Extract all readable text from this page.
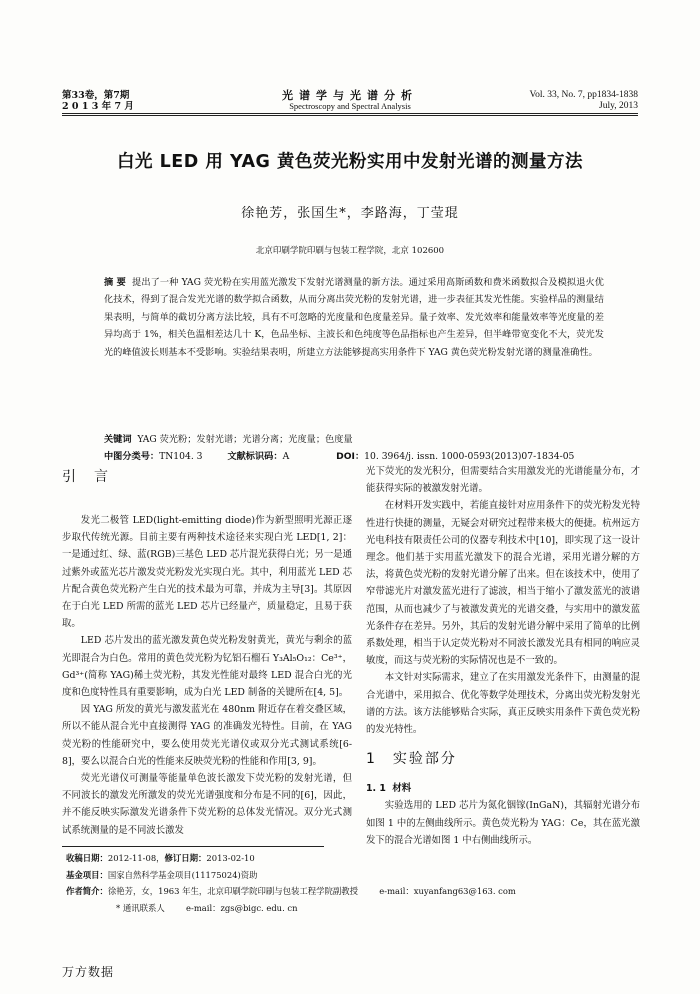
第33卷，第7期
2 0 1 3 年 7 月
光谱学与光谱分析
Spectroscopy and Spectral Analysis
Vol. 33, No. 7, pp1834-1838
July, 2013
白光 LED 用 YAG 黄色荧光粉实用中发射光谱的测量方法
徐艳芳，张国生*，李路海，丁莹琨
北京印刷学院印刷与包装工程学院，北京 102600
摘 要 提出了一种 YAG 荧光粉在实用蓝光激发下发射光谱测量的新方法。通过采用高斯函数和费米函数拟合及模拟退火优化技术，得到了混合发光光谱的数学拟合函数，从而分离出荧光粉的发射光谱，进一步表征其发光性能。实验样品的测量结果表明，与简单的截切分离方法比较，具有不可忽略的光度量和色度量差异。量子效率、发光效率和能量效率等光度量的差异均高于 1%，相关色温相差达几十 K，色品坐标、主波长和色纯度等色品指标也产生差异，但半峰带宽变化不大，荧光发光的峰值波长则基本不受影响。实验结果表明，所建立方法能够提高实用条件下 YAG 黄色荧光粉发射光谱的测量准确性。
关键词 YAG 荧光粉；发射光谱；光谱分离；光度量；色度量
中图分类号：TN104. 3	文献标识码：A	DOI：10. 3964/j. issn. 1000-0593(2013)07-1834-05
引 言

发光二极管 LED(light-emitting diode)作为新型照明光源正逐步取代传统光源。目前主要有两种技术途径来实现白光 LED[1, 2]：一是通过红、绿、蓝(RGB)三基色 LED 芯片混光获得白光；另一是通过紫外或蓝光芯片激发荧光粉发光实现白光。其中，利用蓝光 LED 芯片配合黄色荧光粉产生白光的技术最为可靠，并成为主导[3]。其原因在于白光 LED 所需的蓝光 LED 芯片已经量产，质量稳定，且易于获取。

LED 芯片发出的蓝光激发黄色荧光粉发射黄光，黄光与剩余的蓝光即混合为白色。常用的黄色荧光粉为钇铝石榴石 Y₃Al₅O₁₂：Ce³⁺，Gd³⁺(简称 YAG)稀土荧光粉，其发光性能对最终 LED 混合白光的光度和色度特性具有重要影响，成为白光 LED 制备的关键所在[4, 5]。

因 YAG 所发的黄光与激发蓝光在 480nm 附近存在着交叠区域，所以不能从混合光中直接测得 YAG 的准确发光特性。目前，在 YAG 荧光粉的性能研究中，要么使用荧光光谱仪或双分光式测试系统[6-8]，要么以混合白光的性能来反映荧光粉的性能和作用[3, 9]。

荧光光谱仪可测量等能量单色波长激发下荧光粉的发射光谱，但不同波长的激发光所激发的荧光光谱强度和分布是不同的[6]，因此，并不能反映实际激发光谱条件下荧光粉的总体发光情况。双分光式测试系统测量的是不同波长激发

光下荧光的发光积分，但需要结合实用激发光的光谱能量分布，才能获得实际的被激发射光谱。

在材料开发实践中，若能直接针对应用条件下的荧光粉发光特性进行快捷的测量，无疑会对研究过程带来极大的便捷。杭州远方光电科技有限责任公司的仪器专利技术中[10]，即实现了这一设计理念。他们基于实用蓝光激发下的混合光谱，采用光谱分解的方法，将黄色荧光粉的发射光谱分解了出来。但在该技术中，使用了窄带滤光片对激发蓝光进行了滤波，相当于缩小了激发蓝光的波谱范围，从而也减少了与被激发黄光的光谱交叠，与实用中的激发蓝光条件存在差异。另外，其后的发射光谱分解中采用了简单的比例系数处理，相当于认定荧光粉对不同波长激发光具有相同的响应灵敏度，而这与荧光粉的实际情况也是不一致的。

本文针对实际需求，建立了在实用激发光条件下，由测量的混合光谱中，采用拟合、优化等数学处理技术，分离出荧光粉发射光谱的方法。该方法能够贴合实际，真正反映实用条件下黄色荧光粉的发光特性。

1 实验部分
1. 1 材料

实验选用的 LED 芯片为氮化铟镓(InGaN)，其辐射光谱分布如图 1 中的左侧曲线所示。黄色荧光粉为 YAG：Ce，其在蓝光激发下的混合光谱如图 1 中右侧曲线所示。

收稿日期：2012-11-08，修订日期：2013-02-10
基金项目：国家自然科学基金项目(11175024)资助
作者简介：徐艳芳，女，1963 年生，北京印刷学院印刷与包装工程学院副教授	e-mail：xuyanfang63@163. com
* 通讯联系人	e-mail：zgs@bigc. edu. cn
万方数据
